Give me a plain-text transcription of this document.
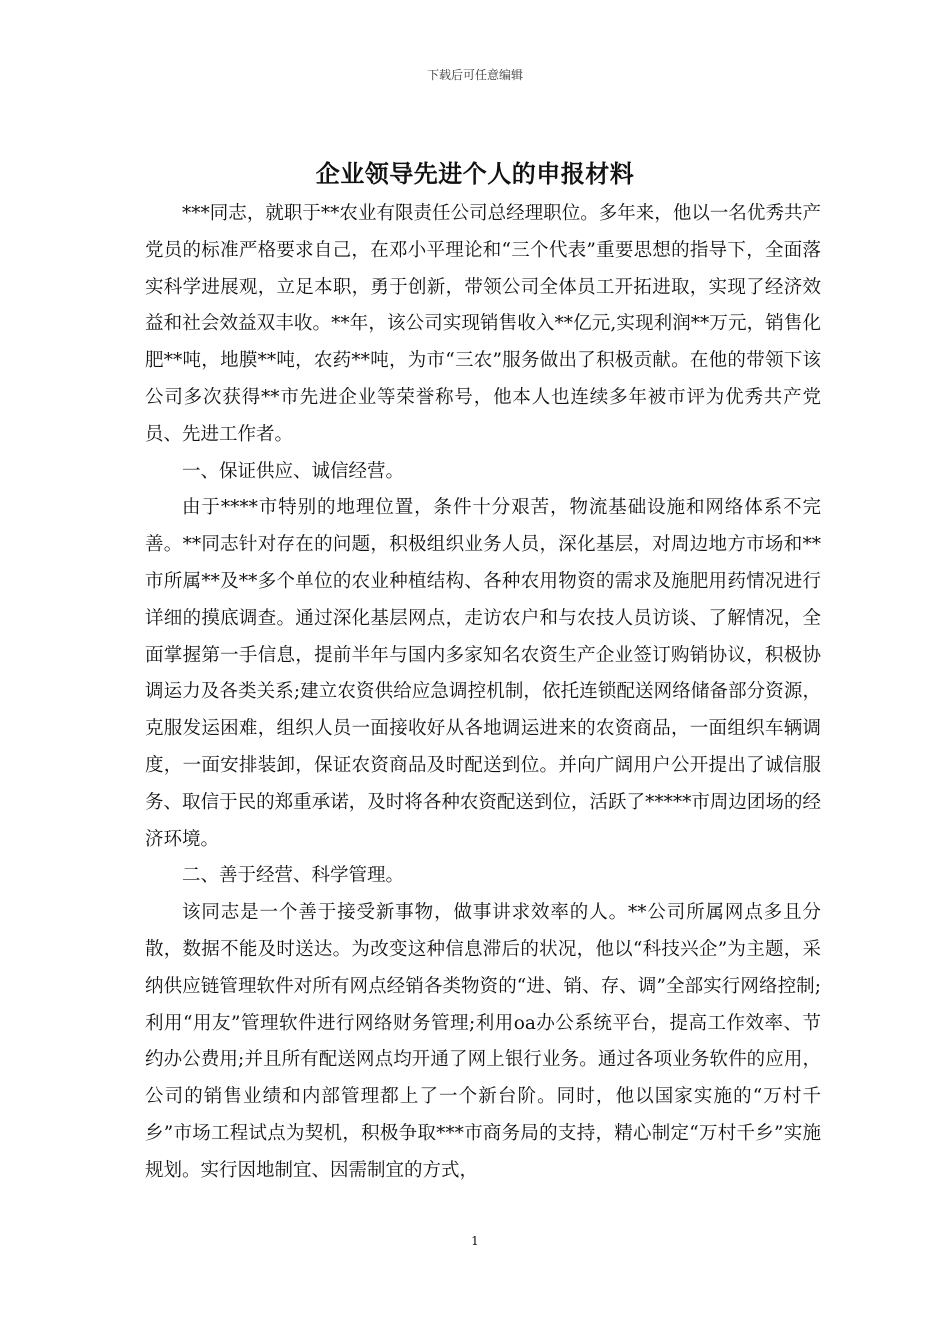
下载后可任意编辑
企业领导先进个人的申报材料

***同志，就职于**农业有限责任公司总经理职位。多年来，他以一名优秀共产党员的标准严格要求自己，在邓小平理论和“三个代表”重要思想的指导下，全面落实科学进展观，立足本职，勇于创新，带领公司全体员工开拓进取，实现了经济效益和社会效益双丰收。**年，该公司实现销售收入**亿元,实现利润**万元，销售化肥**吨，地膜**吨，农药**吨，为市“三农”服务做出了积极贡献。在他的带领下该公司多次获得**市先进企业等荣誉称号，他本人也连续多年被市评为优秀共产党员、先进工作者。

一、保证供应、诚信经营。

由于****市特别的地理位置，条件十分艰苦，物流基础设施和网络体系不完善。**同志针对存在的问题，积极组织业务人员，深化基层，对周边地方市场和**市所属**及**多个单位的农业种植结构、各种农用物资的需求及施肥用药情况进行详细的摸底调查。通过深化基层网点，走访农户和与农技人员访谈、了解情况，全面掌握第一手信息，提前半年与国内多家知名农资生产企业签订购销协议，积极协调运力及各类关系;建立农资供给应急调控机制，依托连锁配送网络储备部分资源，克服发运困难，组织人员一面接收好从各地调运进来的农资商品，一面组织车辆调度，一面安排装卸，保证农资商品及时配送到位。并向广阔用户公开提出了诚信服务、取信于民的郑重承诺，及时将各种农资配送到位，活跃了*****市周边团场的经济环境。

二、善于经营、科学管理。

该同志是一个善于接受新事物，做事讲求效率的人。**公司所属网点多且分散，数据不能及时送达。为改变这种信息滞后的状况，他以“科技兴企”为主题，采纳供应链管理软件对所有网点经销各类物资的“进、销、存、调”全部实行网络控制;利用“用友”管理软件进行网络财务管理;利用oa办公系统平台，提高工作效率、节约办公费用;并且所有配送网点均开通了网上银行业务。通过各项业务软件的应用，公司的销售业绩和内部管理都上了一个新台阶。同时，他以国家实施的“万村千乡”市场工程试点为契机，积极争取***市商务局的支持，精心制定“万村千乡”实施规划。实行因地制宜、因需制宜的方式，

1
